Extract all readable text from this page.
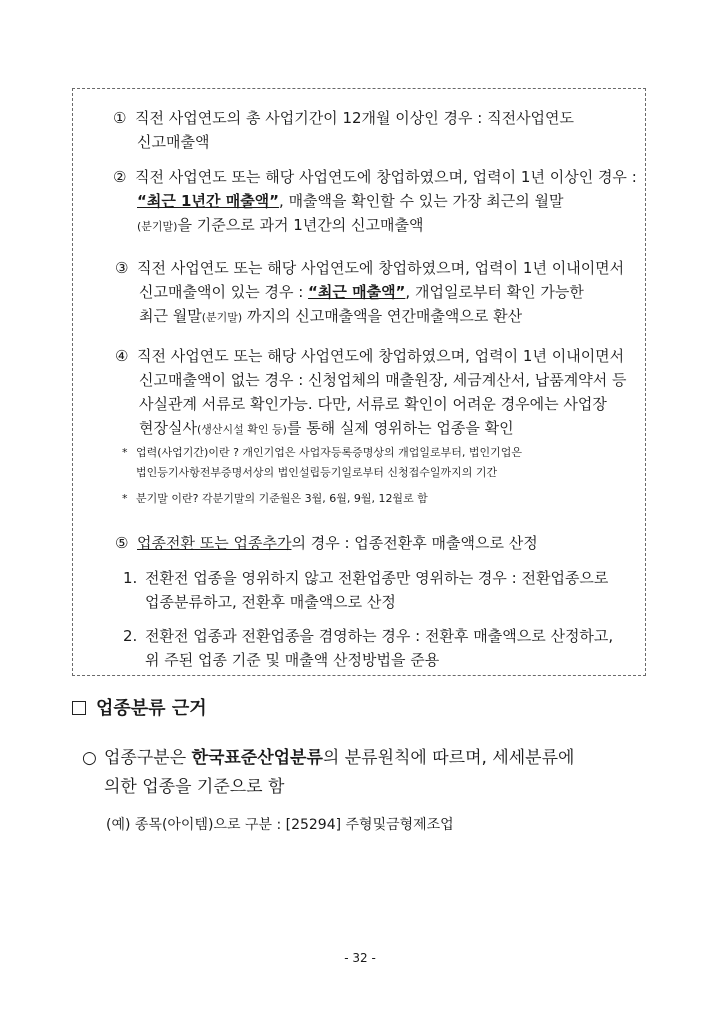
① 직전 사업연도의 총 사업기간이 12개월 이상인 경우 : 직전사업연도
신고매출액
② 직전 사업연도 또는 해당 사업연도에 창업하였으며, 업력이 1년 이상인 경우 :
“최근 1년간 매출액”, 매출액을 확인할 수 있는 가장 최근의 월말
(분기말)을 기준으로 과거 1년간의 신고매출액
③ 직전 사업연도 또는 해당 사업연도에 창업하였으며, 업력이 1년 이내이면서
신고매출액이 있는 경우 : “최근 매출액”, 개업일로부터 확인 가능한
최근 월말(분기말) 까지의 신고매출액을 연간매출액으로 환산
④ 직전 사업연도 또는 해당 사업연도에 창업하였으며, 업력이 1년 이내이면서
신고매출액이 없는 경우 : 신청업체의 매출원장, 세금계산서, 납품계약서 등
사실관계 서류로 확인가능. 다만, 서류로 확인이 어려운 경우에는 사업장
현장실사(생산시설 확인 등)를 통해 실제 영위하는 업종을 확인
* 업력(사업기간)이란 ? 개인기업은 사업자등록증명상의 개업일로부터, 법인기업은
법인등기사항전부증명서상의 법인설립등기일로부터 신청접수일까지의 기간
* 분기말 이란? 각분기말의 기준월은 3월, 6월, 9월, 12월로 함
⑤ 업종전환 또는 업종추가의 경우 : 업종전환후 매출액으로 산정
1. 전환전 업종을 영위하지 않고 전환업종만 영위하는 경우 : 전환업종으로
업종분류하고, 전환후 매출액으로 산정
2. 전환전 업종과 전환업종을 겸영하는 경우 : 전환후 매출액으로 산정하고,
위 주된 업종 기준 및 매출액 산정방법을 준용
업종분류 근거
○ 업종구분은 한국표준산업분류의 분류원칙에 따르며, 세세분류에
의한 업종을 기준으로 함
(예) 종목(아이템)으로 구분 : [25294] 주형및금형제조업
- 32 -
